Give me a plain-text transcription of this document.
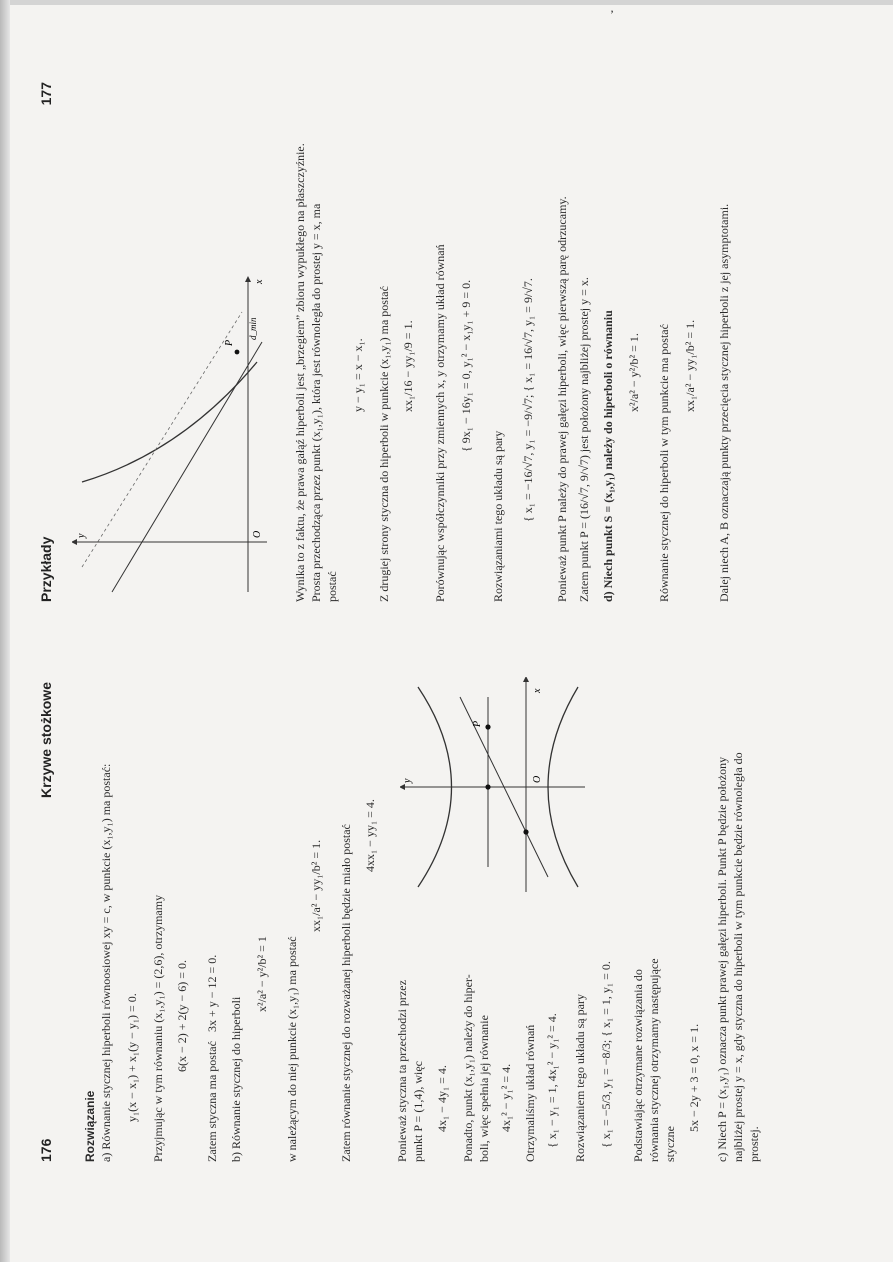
’
176
Krzywe stożkowe
Rozwiązanie a) Równanie stycznej hiperboli równoosiowej xy = c, w punkcie (x₁,y₁) ma postać: y₁(x − x₁) + x₁(y − y₁) = 0. Przyjmując w tym równaniu (x₁,y₁) = (2,6), otrzymamy 6(x − 2) + 2(y − 6) = 0.
Zatem styczna ma postać
3x + y − 12 = 0.
b) Równanie stycznej do hiperboli
x²/a² − y²/b² = 1 w należącym do niej punkcie (x₁,y₁) ma postać
xx₁/a² − yy₁/b² = 1. Zatem równanie stycznej do rozważanej hiperboli będzie miało postać 4xx₁ − yy₁ = 4.
Ponieważ styczna ta przechodzi przez punkt P = (1,4), więc 4x₁ − 4y₁ = 4. Ponadto, punkt (x₁,y₁) należy do hiper- boli, więc spełnia jej równanie 4x₁² − y₁² = 4. Otrzymaliśmy układ równań { x₁ − y₁ = 1, 4x₁² − y₁² = 4. Rozwiązaniem tego układu są pary { x₁ = −5/3, y₁ = −8/3; { x₁ = 1, y₁ = 0. Podstawiając otrzymane rozwiązania do równania stycznej otrzymamy następujące styczne
5x − 2y + 3 = 0, x = 1. c) Niech P = (x₁,y₁) oznacza punkt prawej gałęzi hiperboli. Punkt P będzie położony najbliżej prostej y = x, gdy styczna do hiperboli w tym punkcie będzie równoległa do prostej.
x
y	O
P
177
Przykłady
x
y	O
P
d_min	Wynika to z faktu, że prawa gałąź hiperboli jest „brzegiem” zbioru wypukłego na płaszczyźnie. Prosta przechodząca przez punkt (x₁,y₁), która jest równoległa do prostej y = x, ma postać
y − y₁ = x − x₁. Z drugiej strony styczna do hiperboli w punkcie (x₁,y₁) ma postać xx₁/16 − yy₁/9 = 1. Porównując współczynniki przy zmiennych x, y otrzymamy układ równań { 9x₁ − 16y₁ = 0, y₁² − x₁y₁ + 9 = 0.
Rozwiązaniami tego układu są pary { x₁ = −16/√7, y₁ = −9/√7; { x₁ = 16/√7, y₁ = 9/√7. Ponieważ punkt P należy do prawej gałęzi hiperboli, więc pierwszą parę odrzucamy. Zatem punkt P = (16/√7, 9/√7) jest położony najbliżej prostej y = x. d) Niech punkt S = (x₁,y₁) należy do hiperboli o równaniu x²/a² − y²/b² = 1. Równanie stycznej do hiperboli w tym punkcie ma postać xx₁/a² − yy₁/b² = 1. Dalej niech A, B oznaczają punkty przecięcia stycznej hiperboli z jej asymptotami.
